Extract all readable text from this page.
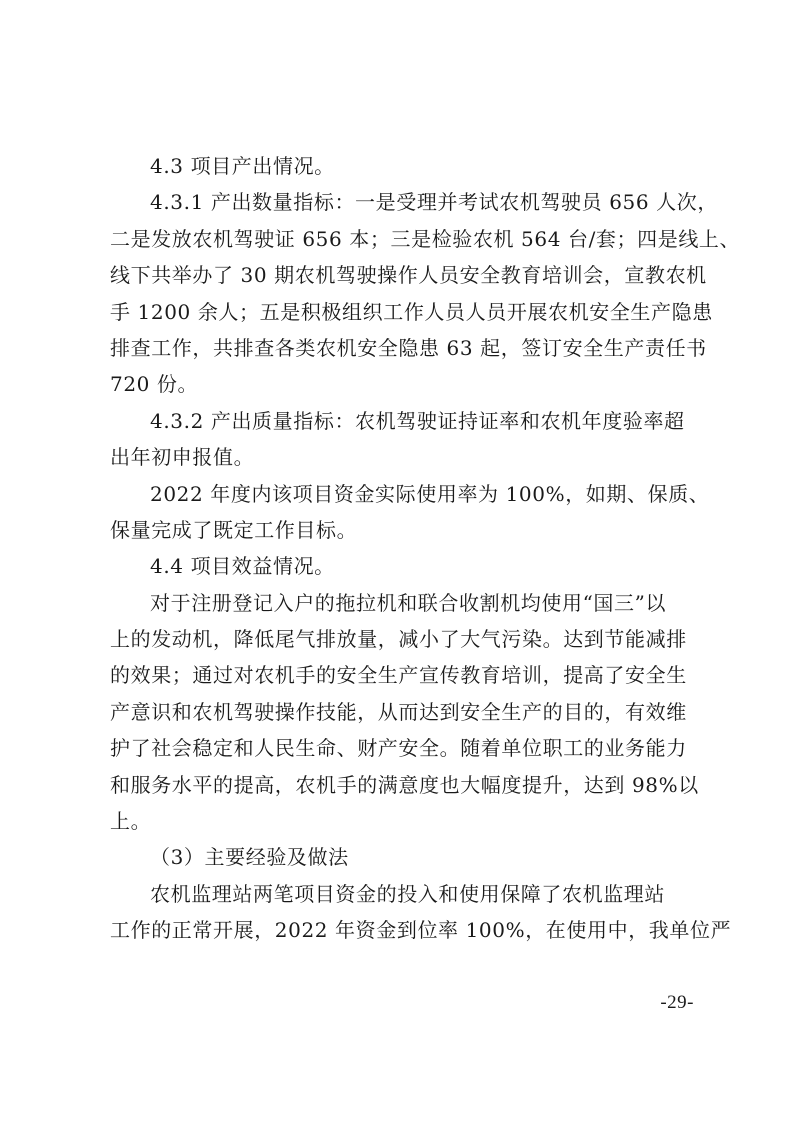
4.3 项目产出情况。
4.3.1 产出数量指标：一是受理并考试农机驾驶员 656 人次，
二是发放农机驾驶证 656 本；三是检验农机 564 台/套；四是线上、
线下共举办了 30 期农机驾驶操作人员安全教育培训会，宣教农机
手 1200 余人；五是积极组织工作人员人员开展农机安全生产隐患
排查工作，共排查各类农机安全隐患 63 起，签订安全生产责任书
720 份。
4.3.2 产出质量指标：农机驾驶证持证率和农机年度验率超
出年初申报值。
2022 年度内该项目资金实际使用率为 100%，如期、保质、
保量完成了既定工作目标。
4.4 项目效益情况。
对于注册登记入户的拖拉机和联合收割机均使用“国三”以
上的发动机，降低尾气排放量，减小了大气污染。达到节能减排
的效果；通过对农机手的安全生产宣传教育培训，提高了安全生
产意识和农机驾驶操作技能，从而达到安全生产的目的，有效维
护了社会稳定和人民生命、财产安全。随着单位职工的业务能力
和服务水平的提高，农机手的满意度也大幅度提升，达到 98%以
上。
（3）主要经验及做法
农机监理站两笔项目资金的投入和使用保障了农机监理站
工作的正常开展，2022 年资金到位率 100%，在使用中，我单位严
-29-
